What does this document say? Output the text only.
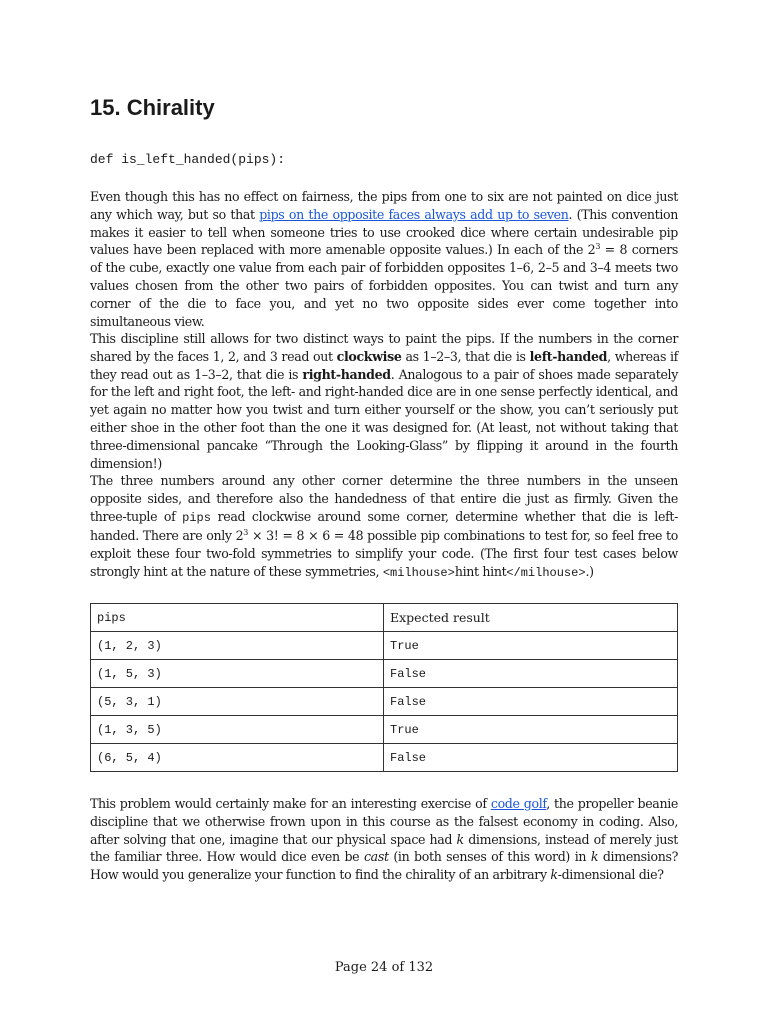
15. Chirality
def is_left_handed(pips):
Even though this has no effect on fairness, the pips from one to six are not painted on dice just any which way, but so that pips on the opposite faces always add up to seven. (This convention makes it easier to tell when someone tries to use crooked dice where certain undesirable pip values have been replaced with more amenable opposite values.) In each of the $2^3 = 8$ corners of the cube, exactly one value from each pair of forbidden opposites 1–6, 2–5 and 3–4 meets two values chosen from the other two pairs of forbidden opposites. You can twist and turn any corner of the die to face you, and yet no two opposite sides ever come together into simultaneous view.
This discipline still allows for two distinct ways to paint the pips. If the numbers in the corner shared by the faces 1, 2, and 3 read out clockwise as 1–2–3, that die is left-handed, whereas if they read out as 1–3–2, that die is right-handed. Analogous to a pair of shoes made separately for the left and right foot, the left- and right-handed dice are in one sense perfectly identical, and yet again no matter how you twist and turn either yourself or the show, you can’t seriously put either shoe in the other foot than the one it was designed for. (At least, not without taking that three-dimensional pancake “Through the Looking-Glass” by flipping it around in the fourth dimension!)
The three numbers around any other corner determine the three numbers in the unseen opposite sides, and therefore also the handedness of that entire die just as firmly. Given the three-tuple of pips read clockwise around some corner, determine whether that die is left-handed. There are only $2^3 \times 3$! = 8 × 6 = 48 possible pip combinations to test for, so feel free to exploit these four two-fold symmetries to simplify your code. (The first four test cases below strongly hint at the nature of these symmetries, <milhouse>hint hint</milhouse>.)
pips	Expected result
(1, 2, 3)	True
(1, 5, 3)	False
(5, 3, 1)	False
(1, 3, 5)	True
(6, 5, 4)	False
This problem would certainly make for an interesting exercise of code golf, the propeller beanie discipline that we otherwise frown upon in this course as the falsest economy in coding. Also, after solving that one, imagine that our physical space had k dimensions, instead of merely just the familiar three. How would dice even be cast (in both senses of this word) in k dimensions? How would you generalize your function to find the chirality of an arbitrary k-dimensional die?
Page 24 of 132
